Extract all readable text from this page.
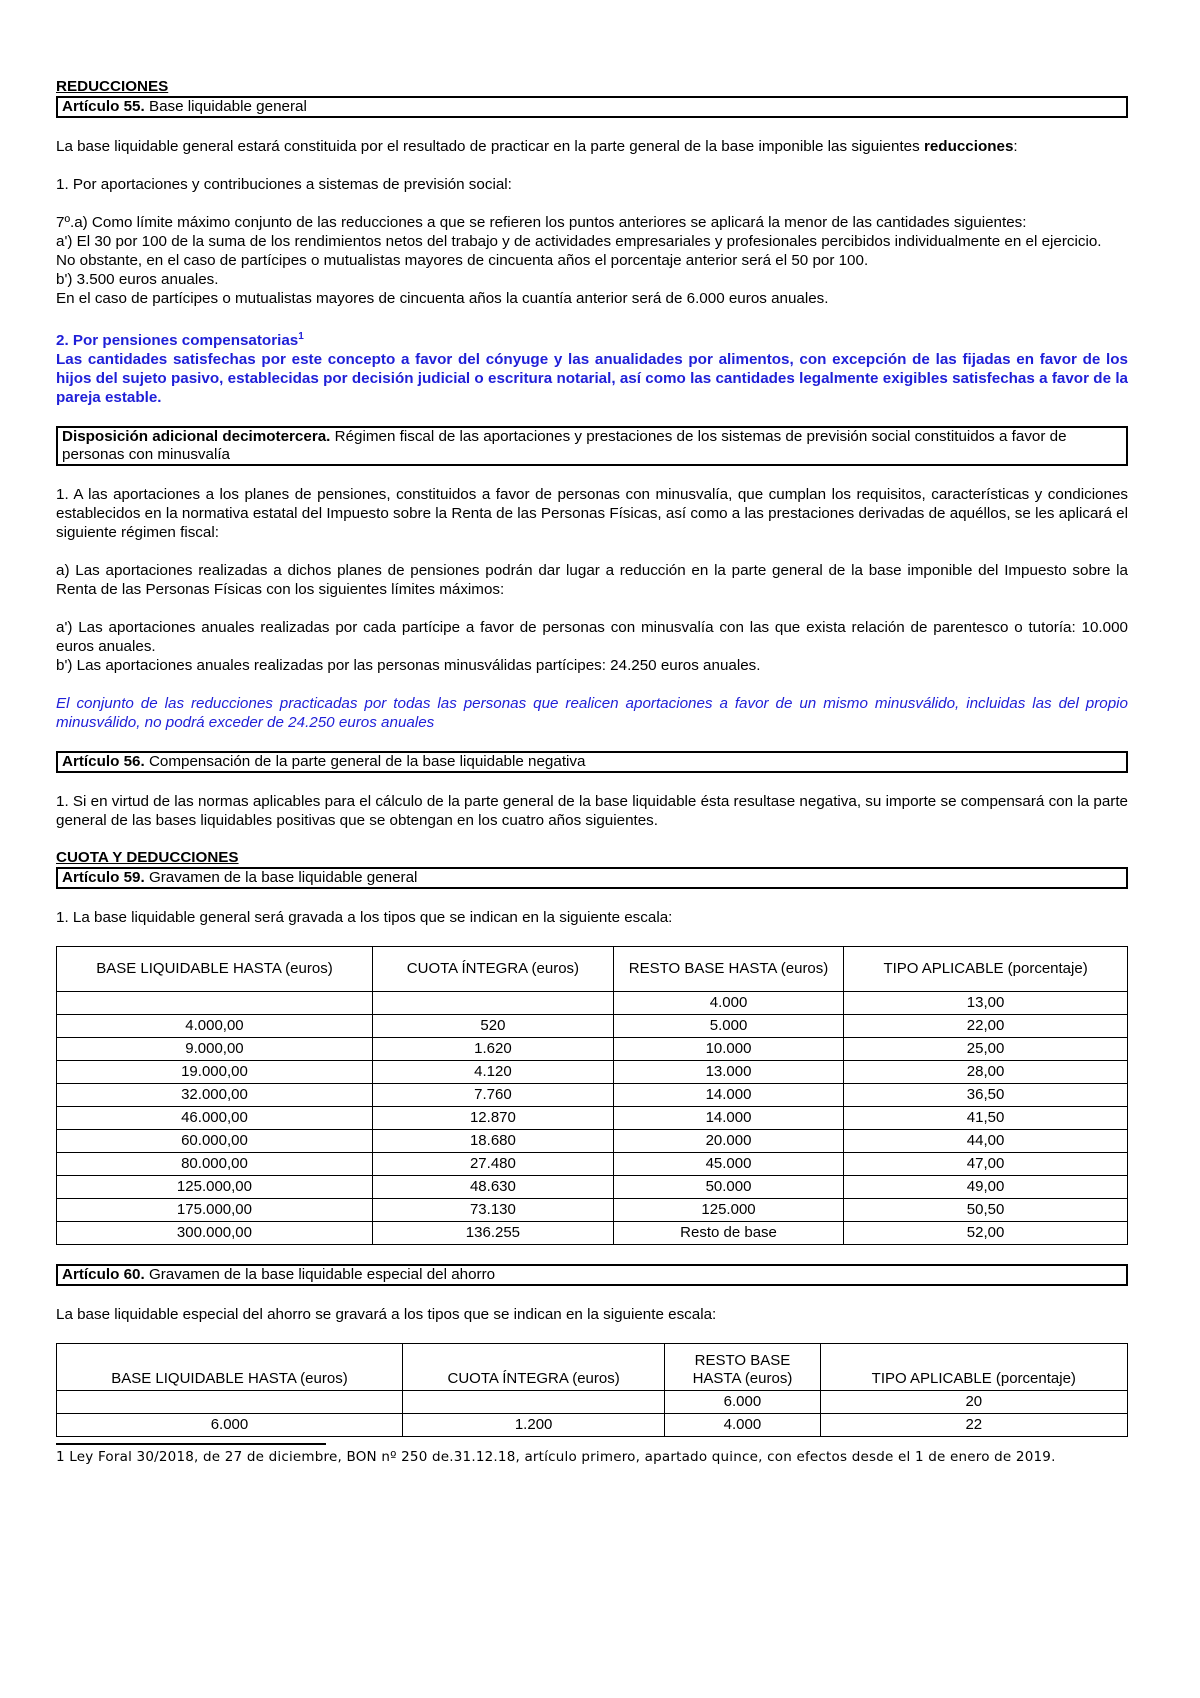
REDUCCIONES

Artículo 55. Base liquidable general

La base liquidable general estará constituida por el resultado de practicar en la parte general de la base imponible las siguientes reducciones:

1. Por aportaciones y contribuciones a sistemas de previsión social:

7º.a) Como límite máximo conjunto de las reducciones a que se refieren los puntos anteriores se aplicará la menor de las cantidades siguientes:

a') El 30 por 100 de la suma de los rendimientos netos del trabajo y de actividades empresariales y profesionales percibidos individualmente en el ejercicio.

No obstante, en el caso de partícipes o mutualistas mayores de cincuenta años el porcentaje anterior será el 50 por 100.

b') 3.500 euros anuales.

En el caso de partícipes o mutualistas mayores de cincuenta años la cuantía anterior será de 6.000 euros anuales.

2. Por pensiones compensatorias$^1$

Las cantidades satisfechas por este concepto a favor del cónyuge y las anualidades por alimentos, con excepción de las fijadas en favor de los hijos del sujeto pasivo, establecidas por decisión judicial o escritura notarial, así como las cantidades legalmente exigibles satisfechas a favor de la pareja estable.

Disposición adicional decimotercera. Régimen fiscal de las aportaciones y prestaciones de los sistemas de previsión social constituidos a favor de personas con minusvalía

1. A las aportaciones a los planes de pensiones, constituidos a favor de personas con minusvalía, que cumplan los requisitos, características y condiciones establecidos en la normativa estatal del Impuesto sobre la Renta de las Personas Físicas, así como a las prestaciones derivadas de aquéllos, se les aplicará el siguiente régimen fiscal:

a) Las aportaciones realizadas a dichos planes de pensiones podrán dar lugar a reducción en la parte general de la base imponible del Impuesto sobre la Renta de las Personas Físicas con los siguientes límites máximos:

a') Las aportaciones anuales realizadas por cada partícipe a favor de personas con minusvalía con las que exista relación de parentesco o tutoría: 10.000 euros anuales.

b') Las aportaciones anuales realizadas por las personas minusválidas partícipes: 24.250 euros anuales.

El conjunto de las reducciones practicadas por todas las personas que realicen aportaciones a favor de un mismo minusválido, incluidas las del propio minusválido, no podrá exceder de 24.250 euros anuales

Artículo 56. Compensación de la parte general de la base liquidable negativa

1. Si en virtud de las normas aplicables para el cálculo de la parte general de la base liquidable ésta resultase negativa, su importe se compensará con la parte general de las bases liquidables positivas que se obtengan en los cuatro años siguientes.

CUOTA Y DEDUCCIONES

Artículo 59. Gravamen de la base liquidable general

1. La base liquidable general será gravada a los tipos que se indican en la siguiente escala:

BASE LIQUIDABLE HASTA (euros)	CUOTA ÍNTEGRA (euros)	RESTO BASE HASTA (euros)	TIPO APLICABLE (porcentaje)
		4.000	13,00
4.000,00	520	5.000	22,00
9.000,00	1.620	10.000	25,00
19.000,00	4.120	13.000	28,00
32.000,00	7.760	14.000	36,50
46.000,00	12.870	14.000	41,50
60.000,00	18.680	20.000	44,00
80.000,00	27.480	45.000	47,00
125.000,00	48.630	50.000	49,00
175.000,00	73.130	125.000	50,50
300.000,00	136.255	Resto de base	52,00
Artículo 60. Gravamen de la base liquidable especial del ahorro

La base liquidable especial del ahorro se gravará a los tipos que se indican en la siguiente escala:

BASE LIQUIDABLE HASTA (euros)	CUOTA ÍNTEGRA (euros)	RESTO BASE HASTA (euros)	TIPO APLICABLE (porcentaje)
		6.000	20
6.000	1.200	4.000	22

1 Ley Foral 30/2018, de 27 de diciembre, BON nº 250 de.31.12.18, artículo primero, apartado quince, con efectos desde el 1 de enero de 2019.
